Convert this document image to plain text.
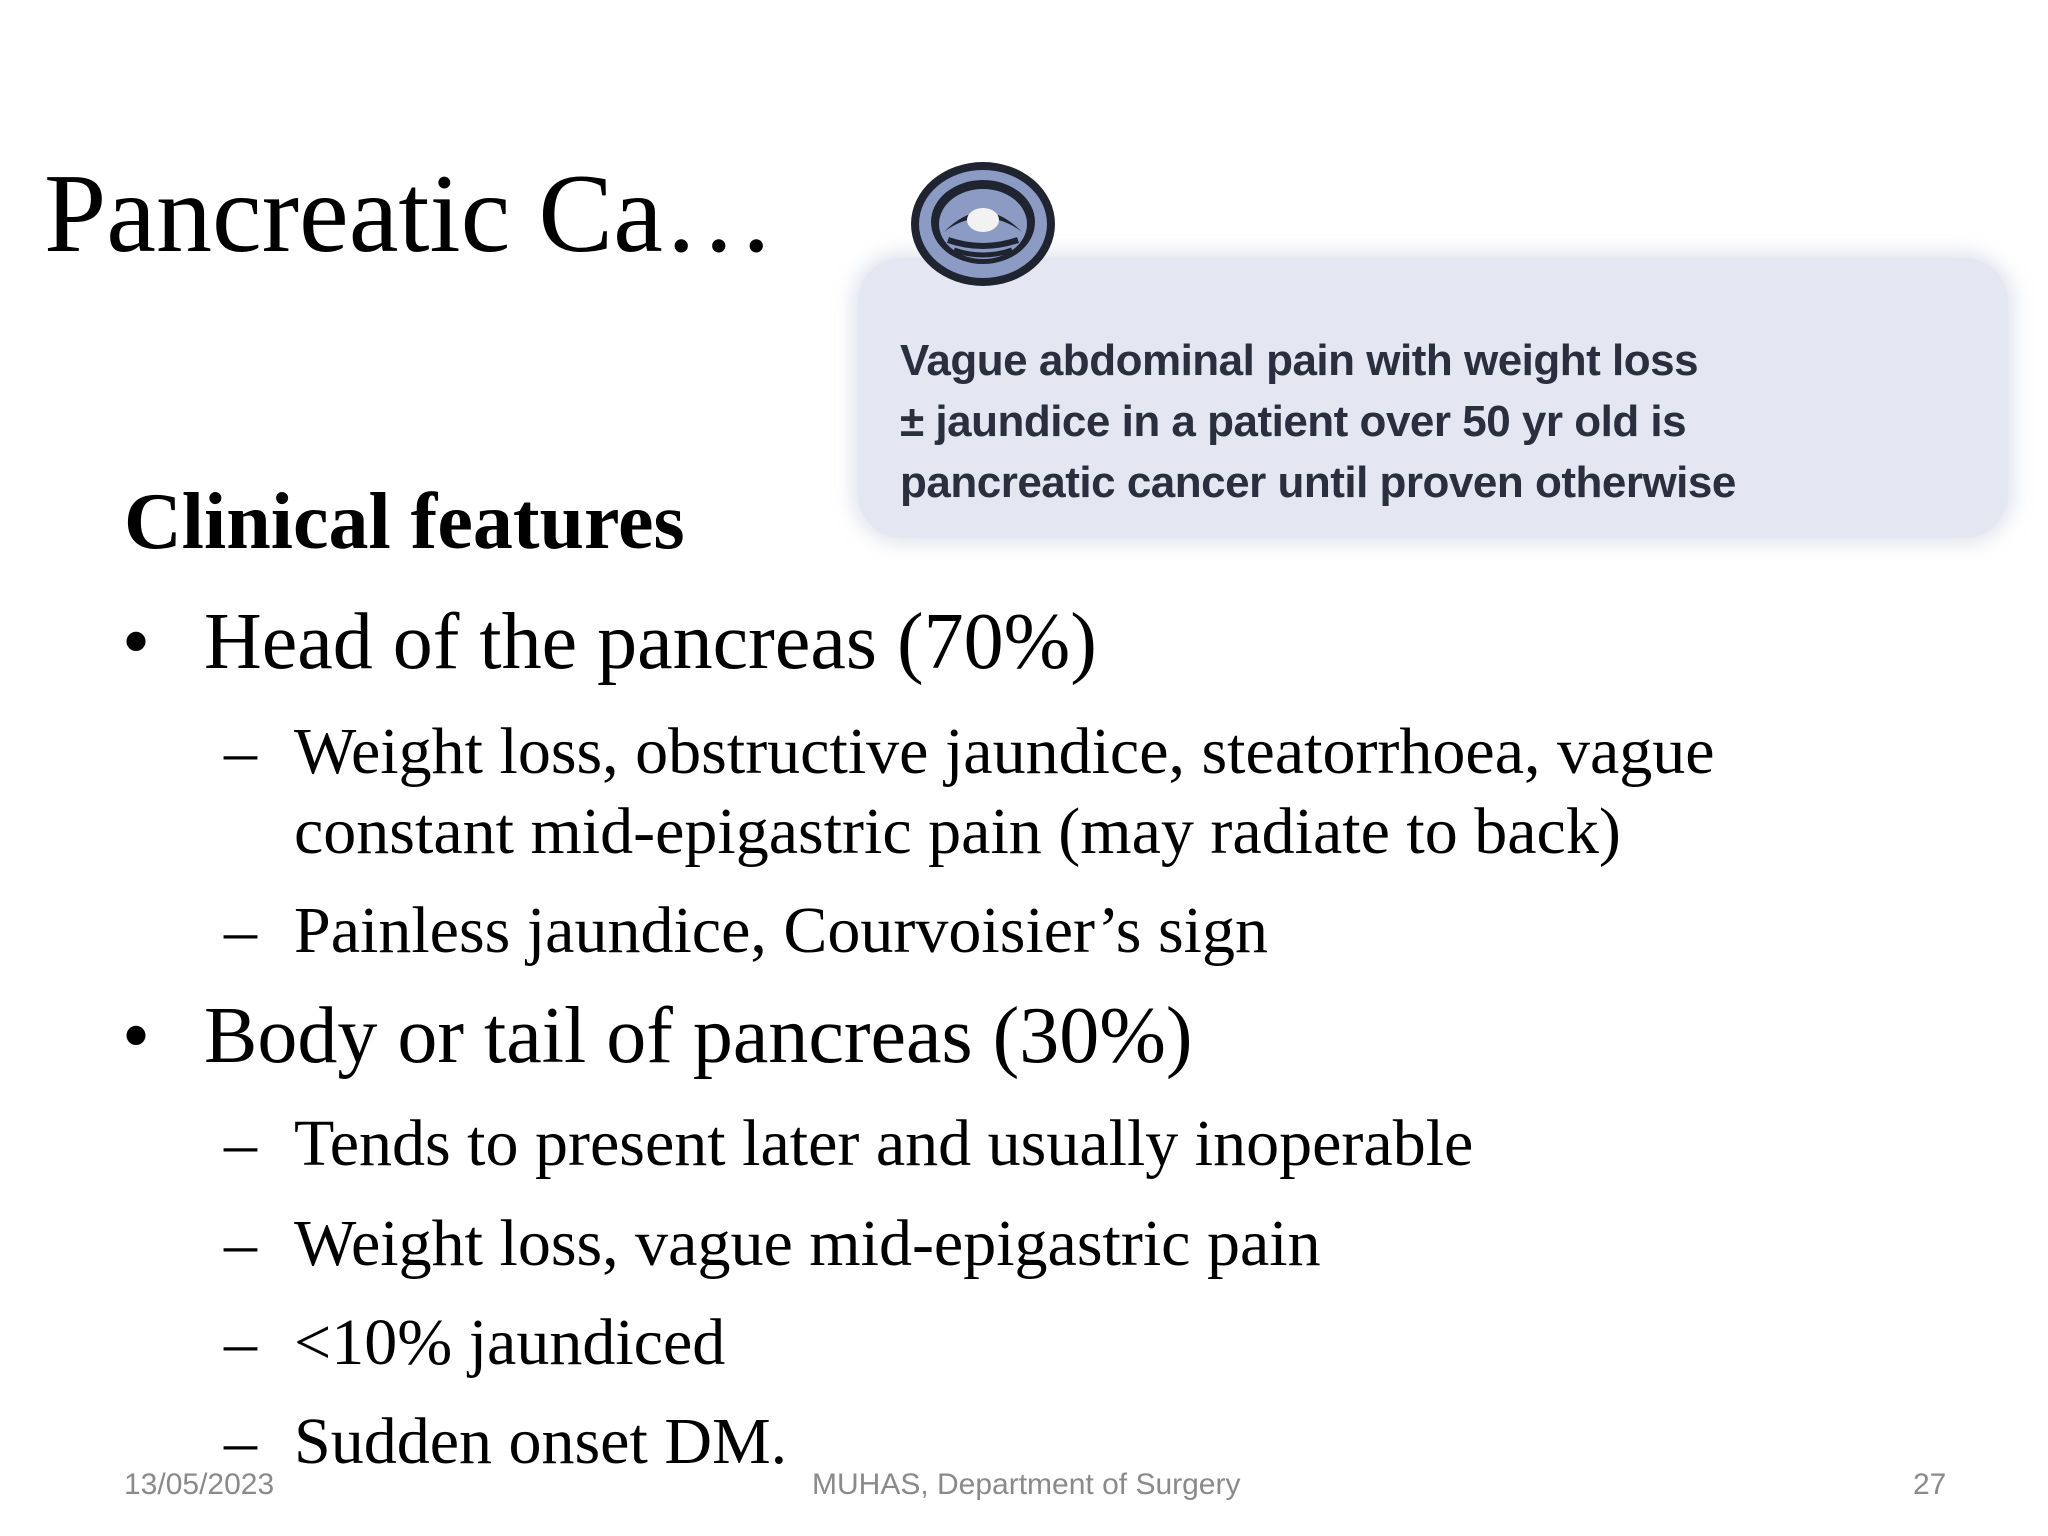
Pancreatic Ca…
Vague abdominal pain with weight loss
± jaundice in a patient over 50 yr old is
pancreatic cancer until proven otherwise
Clinical features
• Head of the pancreas (70%)
– Weight loss, obstructive jaundice, steatorrhoea, vague constant mid-epigastric pain (may radiate to back)
– Painless jaundice, Courvoisier’s sign
• Body or tail of pancreas (30%)
– Tends to present later and usually inoperable
– Weight loss, vague mid-epigastric pain
– <10% jaundiced
– Sudden onset DM.
13/05/2023	MUHAS, Department of Surgery	27
